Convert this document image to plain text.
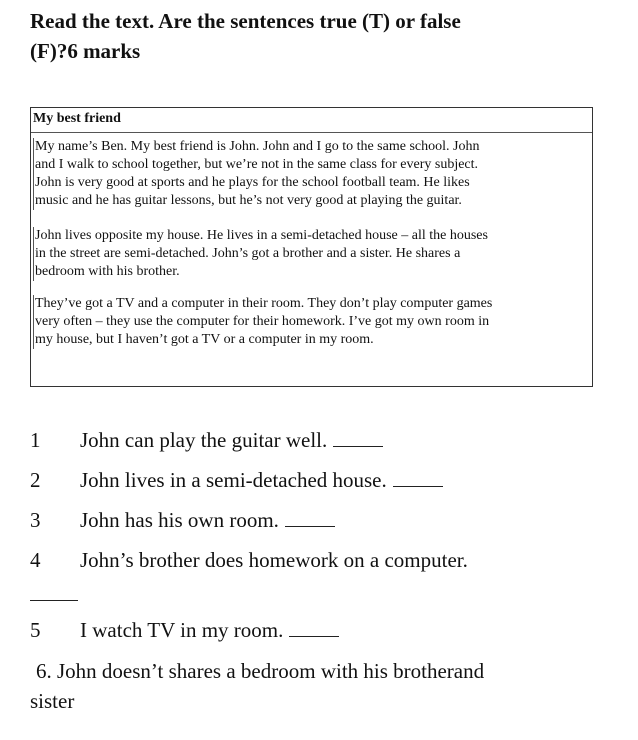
Read the text. Are the sentences true (T) or false
(F)?6 marks
My best friend
My name’s Ben. My best friend is John. John and I go to the same school. John
and I walk to school together, but we’re not in the same class for every subject.
John is very good at sports and he plays for the school football team. He likes
music and he has guitar lessons, but he’s not very good at playing the guitar.
John lives opposite my house. He lives in a semi-detached house – all the houses
in the street are semi-detached. John’s got a brother and a sister. He shares a
bedroom with his brother.
They’ve got a TV and a computer in their room. They don’t play computer games
very often – they use the computer for their homework. I’ve got my own room in
my house, but I haven’t got a TV or a computer in my room.
1 John can play the guitar well.
2 John lives in a semi-detached house.
3 John has his own room.
4 John’s brother does homework on a computer.
5 I watch TV in my room.
6. John doesn’t shares a bedroom with his brotherand
sister
